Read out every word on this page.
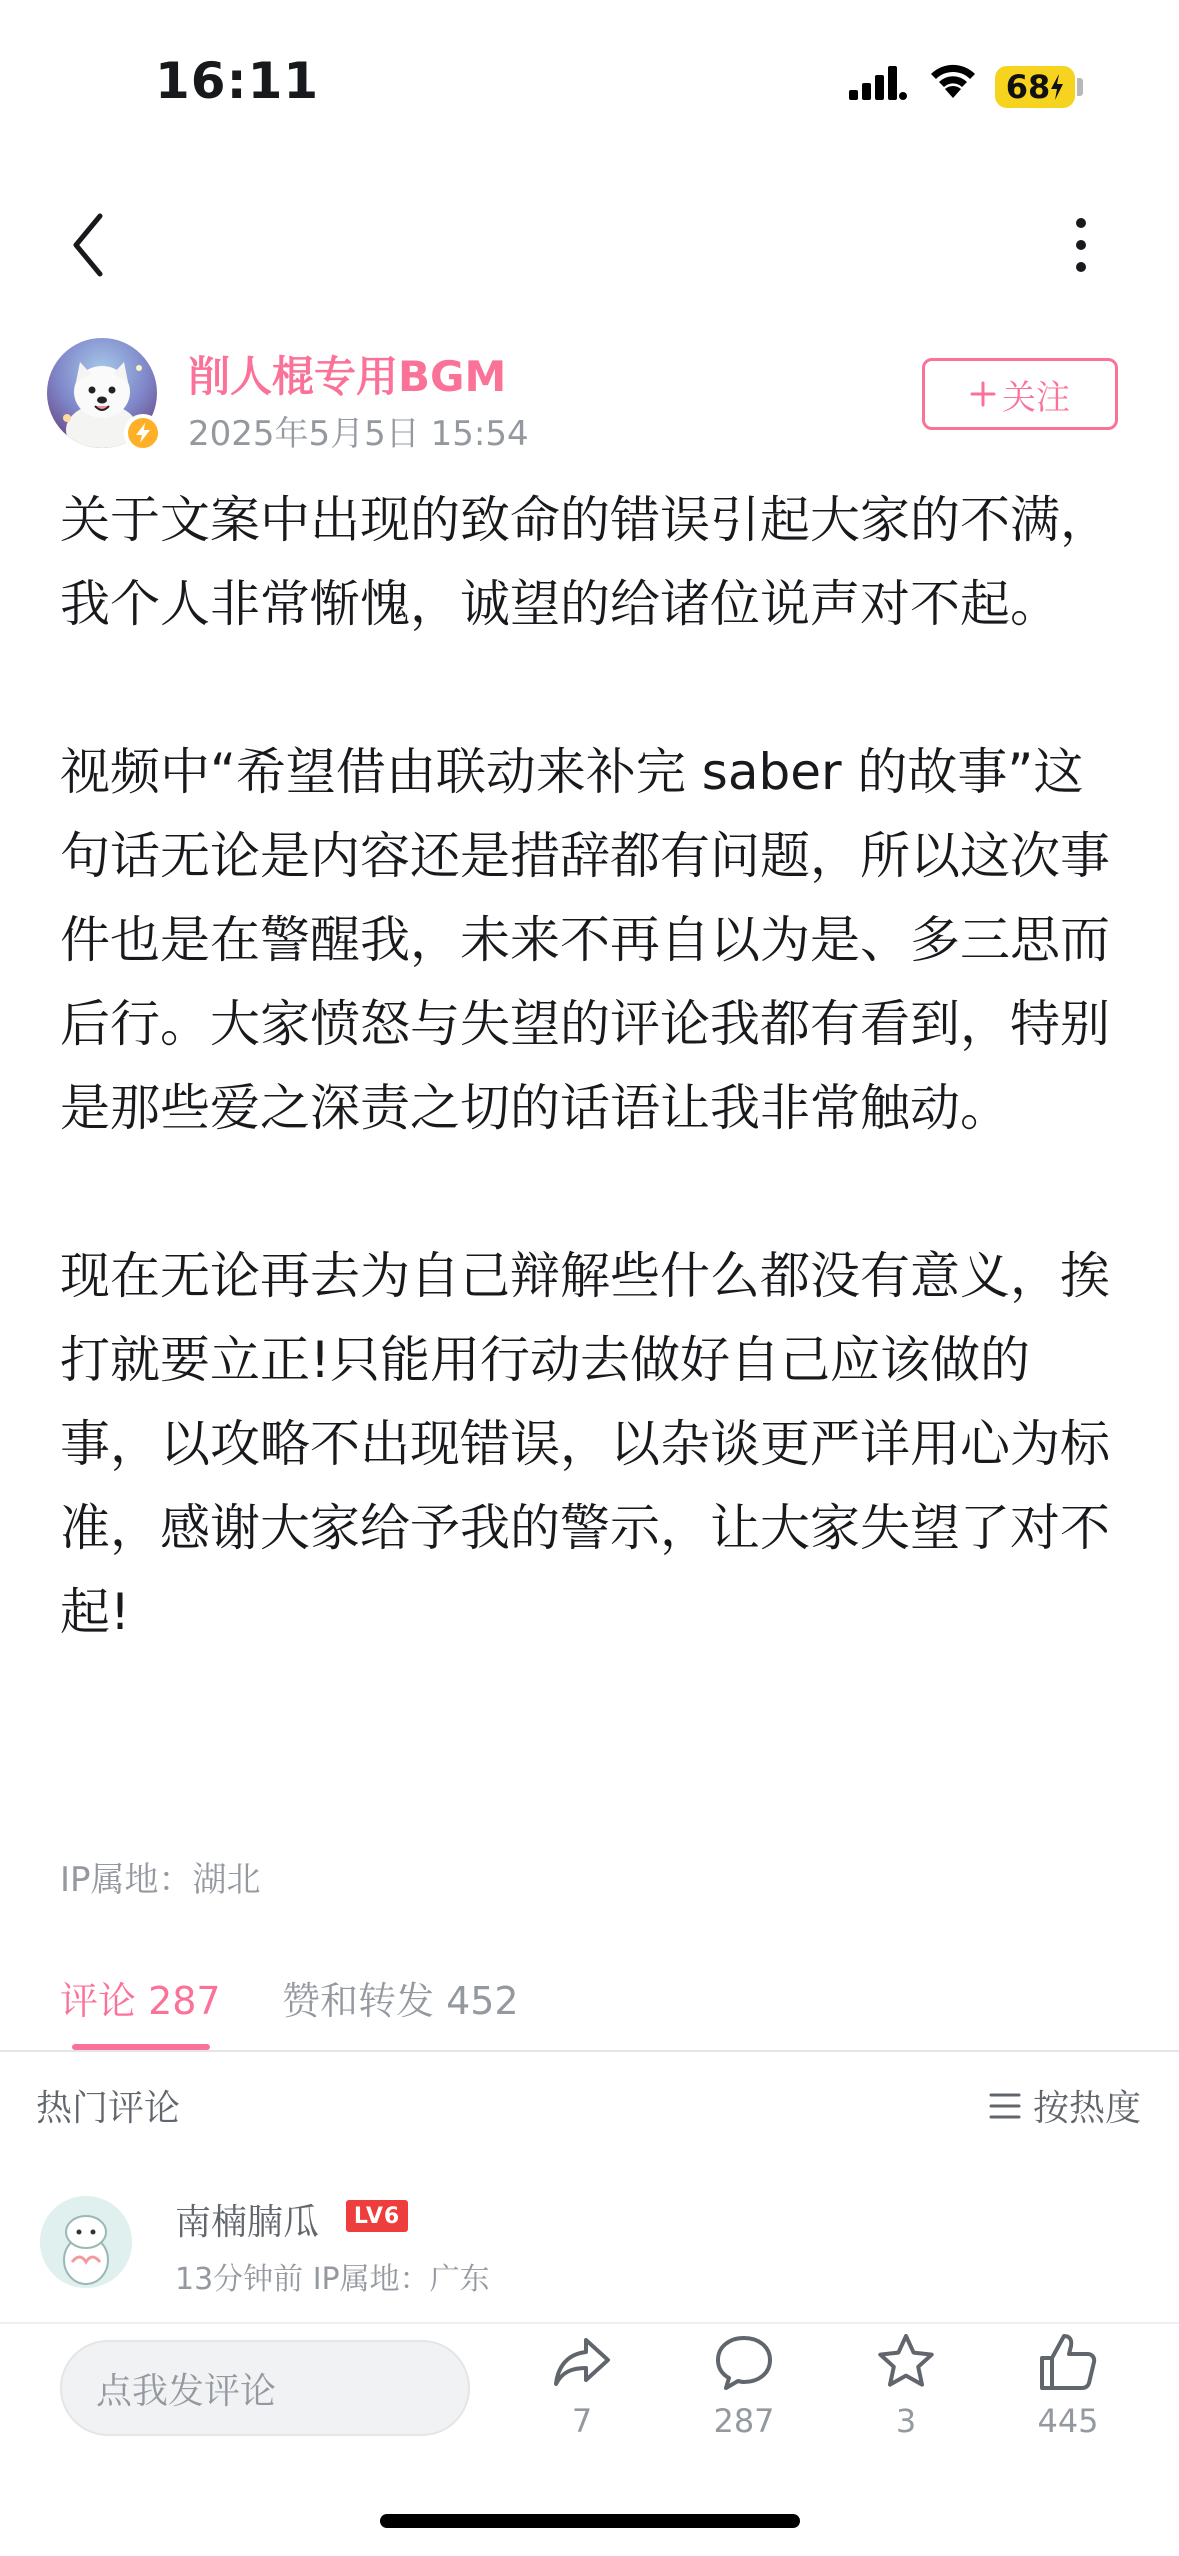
16:11	68
削人棍专用BGM
2025年5月5日 15:54
关注

关于文案中出现的致命的错误引起大家的不满，我个人非常惭愧，诚望的给诸位说声对不起。

视频中“希望借由联动来补完 saber 的故事”这句话无论是内容还是措辞都有问题，所以这次事件也是在警醒我，未来不再自以为是、多三思而后行。大家愤怒与失望的评论我都有看到，特别是那些爱之深责之切的话语让我非常触动。

现在无论再去为自己辩解些什么都没有意义，挨打就要立正!只能用行动去做好自己应该做的事，以攻略不出现错误，以杂谈更严详用心为标准，感谢大家给予我的警示，让大家失望了对不起!

IP属地：湖北
评论 287 赞和转发 452
热门评论	按热度
南楠腩瓜	LV6
13分钟前 IP属地：广东
点我发评论
7	287	3	445
